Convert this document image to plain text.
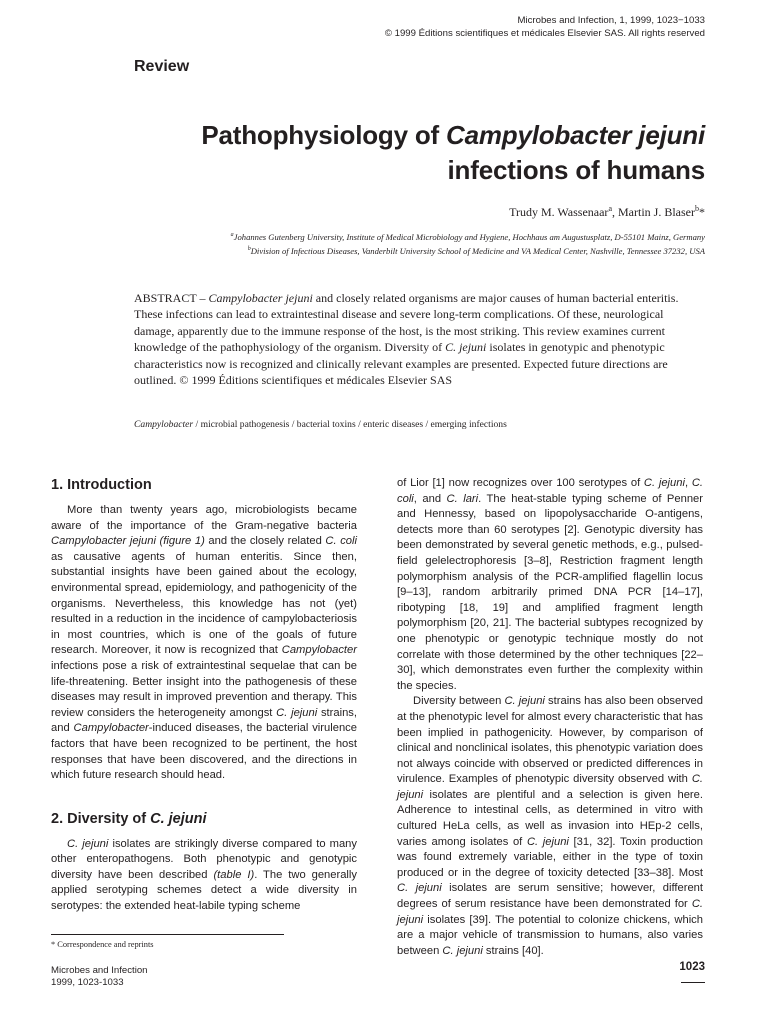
Microbes and Infection, 1, 1999, 1023−1033
© 1999 Éditions scientifiques et médicales Elsevier SAS. All rights reserved
Review
Pathophysiology of Campylobacter jejuni
infections of humans
Trudy M. Wassenaar$^a$, Martin J. Blaser$^b$*
$^a$Johannes Gutenberg University, Institute of Medical Microbiology and Hygiene, Hochhaus am Augustusplatz, D-55101 Mainz, Germany
$^b$Division of Infectious Diseases, Vanderbilt University School of Medicine and VA Medical Center, Nashville, Tennessee 37232, USA
ABSTRACT – Campylobacter jejuni and closely related organisms are major causes of human bacterial enteritis. These infections can lead to extraintestinal disease and severe long-term complications. Of these, neurological damage, apparently due to the immune response of the host, is the most striking. This review examines current knowledge of the pathophysiology of the organism. Diversity of C. jejuni isolates in genotypic and phenotypic characteristics now is recognized and clinically relevant examples are presented. Expected future directions are outlined. © 1999 Éditions scientifiques et médicales Elsevier SAS
Campylobacter / microbial pathogenesis / bacterial toxins / enteric diseases / emerging infections
1. Introduction

More than twenty years ago, microbiologists became aware of the importance of the Gram-negative bacteria Campylobacter jejuni (figure 1) and the closely related C. coli as causative agents of human enteritis. Since then, substantial insights have been gained about the ecology, environmental spread, epidemiology, and pathogenicity of the organisms. Nevertheless, this knowledge has not (yet) resulted in a reduction in the incidence of campylobacteriosis in most countries, which is one of the goals of future research. Moreover, it now is recognized that Campylobacter infections pose a risk of extraintestinal sequelae that can be life-threatening. Better insight into the pathogenesis of these diseases may result in improved prevention and therapy. This review considers the heterogeneity amongst C. jejuni strains, and Campylobacter-induced diseases, the bacterial virulence factors that have been recognized to be pertinent, the host responses that have been discovered, and the directions in which future research should head.

2. Diversity of C. jejuni

C. jejuni isolates are strikingly diverse compared to many other enteropathogens. Both phenotypic and genotypic diversity have been described (table I). The two generally applied serotyping schemes detect a wide diversity in serotypes: the extended heat-labile typing scheme

of Lior [1] now recognizes over 100 serotypes of C. jejuni, C. coli, and C. lari. The heat-stable typing scheme of Penner and Hennessy, based on lipopolysaccharide O-antigens, detects more than 60 serotypes [2]. Genotypic diversity has been demonstrated by several genetic methods, e.g., pulsed-field gelelectrophoresis [3–8], Restriction fragment length polymorphism analysis of the PCR-amplified flagellin locus [9–13], random arbitrarily primed DNA PCR [14–17], ribotyping [18, 19] and amplified fragment length polymorphism [20, 21]. The bacterial subtypes recognized by one phenotypic or genotypic technique mostly do not correlate with those determined by the other techniques [22–30], which demonstrates even further the complexity within the species.

Diversity between C. jejuni strains has also been observed at the phenotypic level for almost every characteristic that has been implied in pathogenicity. However, by comparison of clinical and nonclinical isolates, this phenotypic variation does not always coincide with observed or predicted differences in virulence. Examples of phenotypic diversity observed with C. jejuni isolates are plentiful and a selection is given here. Adherence to intestinal cells, as determined in vitro with cultured HeLa cells, as well as invasion into HEp-2 cells, varies among isolates of C. jejuni [31, 32]. Toxin production was found extremely variable, either in the type of toxin produced or in the degree of toxicity detected [33–38]. Most C. jejuni isolates are serum sensitive; however, different degrees of serum resistance have been demonstrated for C. jejuni isolates [39]. The potential to colonize chickens, which are a major vehicle of transmission to humans, also varies between C. jejuni strains [40].

* Correspondence and reprints
Microbes and Infection
1999, 1023-1033
1023
